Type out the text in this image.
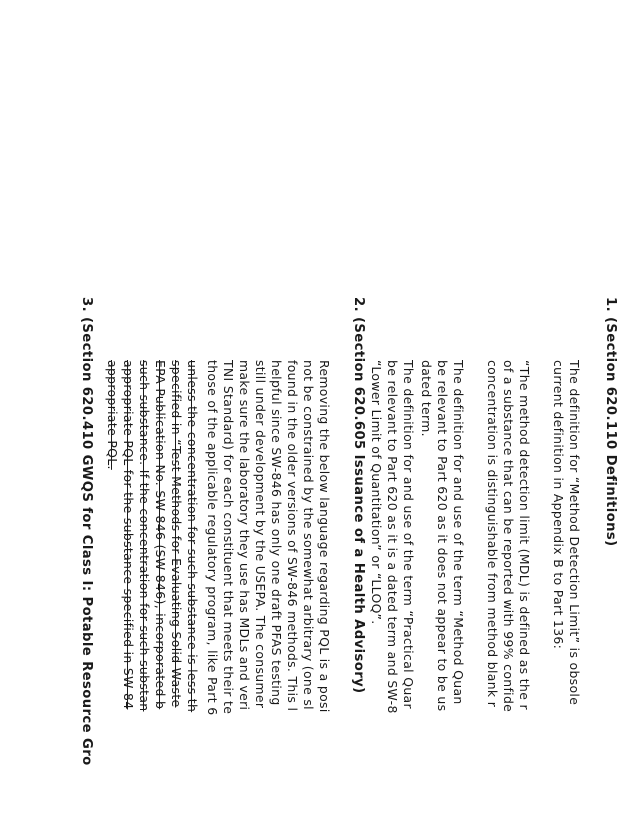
1. (Section 620.110 Definitions)
The definition for “Method Detection Limit” is obsole
current definition in Appendix B to Part 136:
“The method detection limit (MDL) is defined as the r
of a substance that can be reported with 99% confide
concentration is distinguishable from method blank r
The definition for and use of the term “Method Quan
be relevant to Part 620 as it does not appear to be us
dated term.
The definition for and use of the term “Practical Quar
be relevant to Part 620 as it is a dated term and SW-8
“Lower Limit of Quantitation” or “LLOQ”.
2. (Section 620.605 Issuance of a Health Advisory)
Removing the below language regarding PQL is a posi
not be constrained by the somewhat arbitrary (one sl
found in the older versions of SW-846 methods. This l
helpful since SW-846 has only one draft PFAS testing
still under development by the USEPA. The consumer
make sure the laboratory they use has MDLs and veri
TNI Standard) for each constituent that meets their te
those of the applicable regulatory program, like Part 6
unless the concentration for such substance is less th
specified in “Test Methods for Evaluating Solid Waste
EPA Publication No. SW-846 (SW-846), incorporated b
such substance. If the concentration for such substan
appropriate PQL for the substance specified in SW-84
appropriate PQL.
3. (Section 620.410 GWQS for Class I: Potable Resource Gro
